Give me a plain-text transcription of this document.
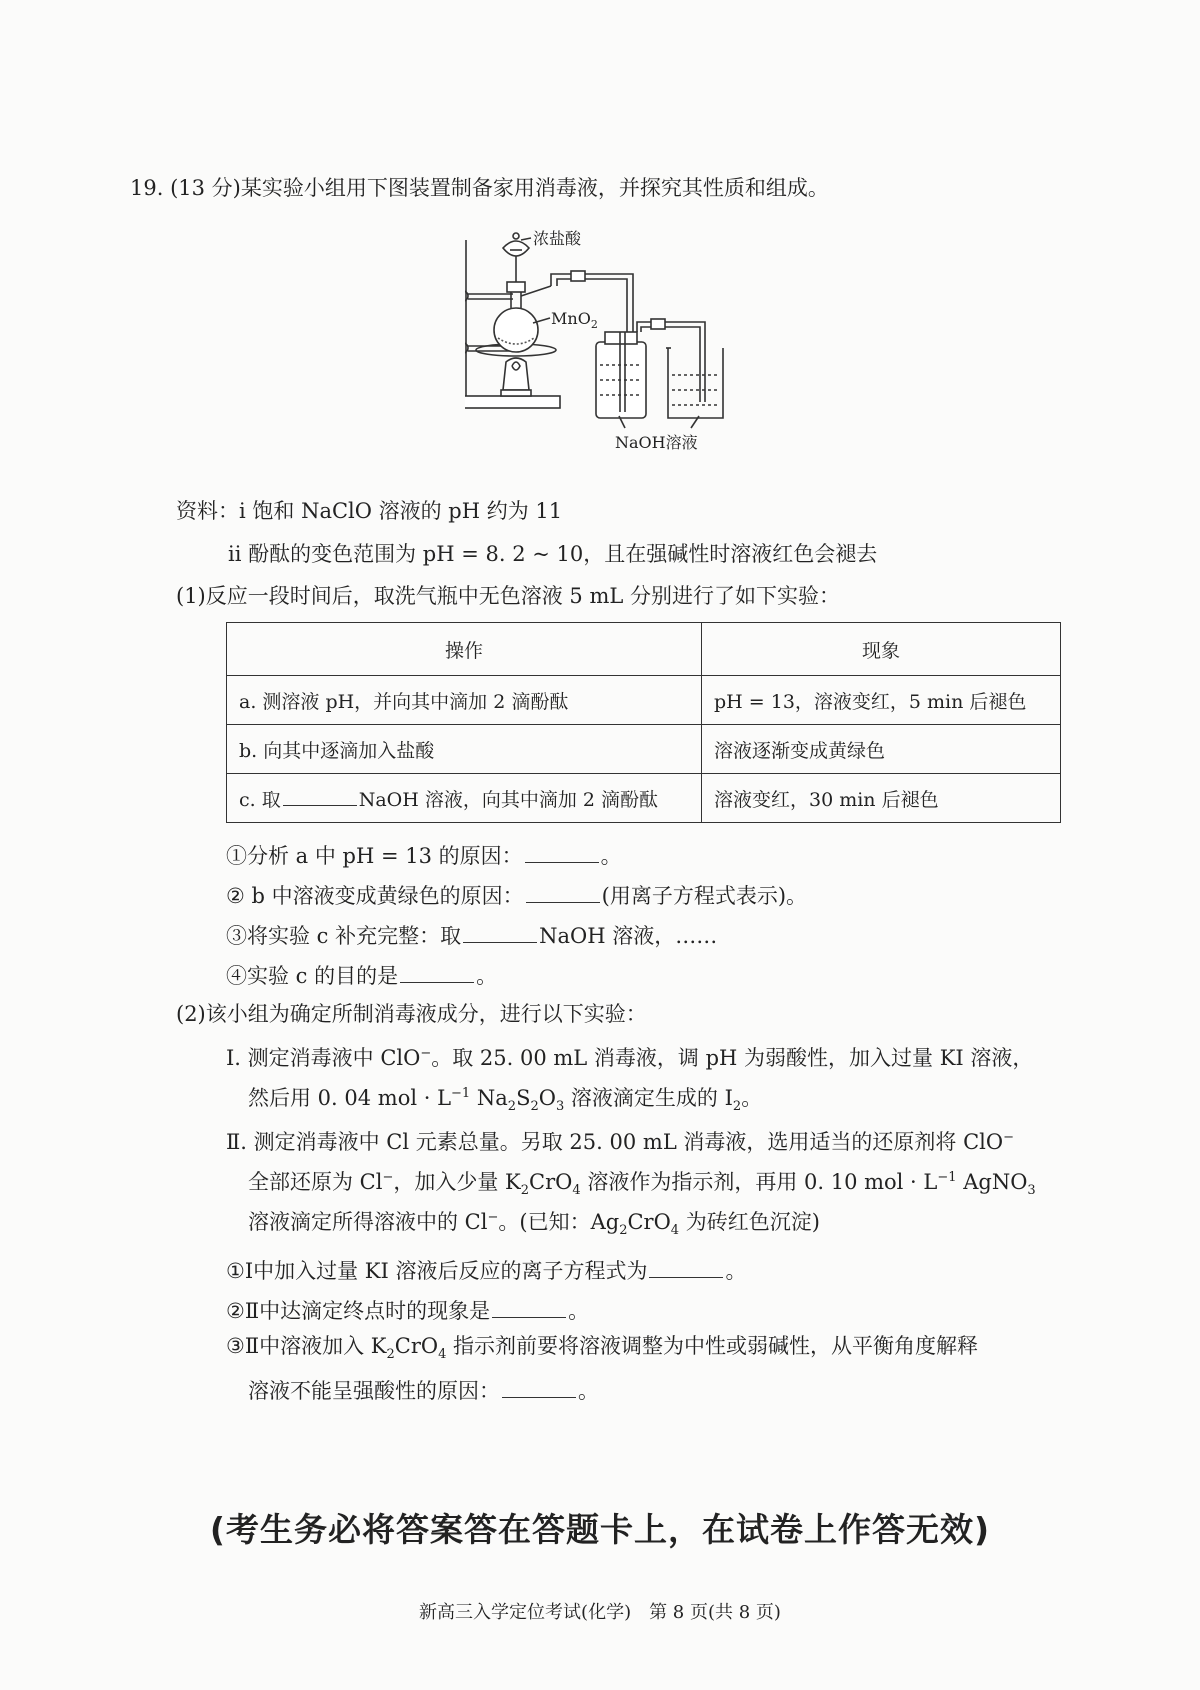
19. (13 分)某实验小组用下图装置制备家用消毒液，并探究其性质和组成。
浓盐酸
MnO$_2$
NaOH溶液
资料：i 饱和 NaClO 溶液的 pH 约为 11
ii 酚酞的变色范围为 pH = 8. 2 ~ 10，且在强碱性时溶液红色会褪去
(1)反应一段时间后，取洗气瓶中无色溶液 5 mL 分别进行了如下实验：
操作	现象
a. 测溶液 pH，并向其中滴加 2 滴酚酞	pH = 13，溶液变红，5 min 后褪色
b. 向其中逐滴加入盐酸	溶液逐渐变成黄绿色
c. 取 NaOH 溶液，向其中滴加 2 滴酚酞	溶液变红，30 min 后褪色
①分析 a 中 pH = 13 的原因：	。
② b 中溶液变成黄绿色的原因：	(用离子方程式表示)。
③将实验 c 补充完整：取	NaOH 溶液，……
④实验 c 的目的是	。
(2)该小组为确定所制消毒液成分，进行以下实验：
Ⅰ. 测定消毒液中 ClO−。取 25. 00 mL 消毒液，调 pH 为弱酸性，加入过量 KI 溶液，
然后用 0. 04 mol · $L^{-1}$ $Na_2S_2O_3$ 溶液滴定生成的 $I_2$。
Ⅱ. 测定消毒液中 Cl 元素总量。另取 25. 00 mL 消毒液，选用适当的还原剂将 ClO−
全部还原为 Cl−，加入少量 $K_2CrO_4$ 溶液作为指示剂，再用 0. 10 mol · $L^{-1}$ AgNO$_3$
溶液滴定所得溶液中的 Cl−。(已知：$Ag_2CrO_4$ 为砖红色沉淀)
①Ⅰ中加入过量 KI 溶液后反应的离子方程式为	。
②Ⅱ中达滴定终点时的现象是	。
③Ⅱ中溶液加入 $K_2CrO_4$ 指示剂前要将溶液调整为中性或弱碱性，从平衡角度解释
溶液不能呈强酸性的原因：	。
(考生务必将答案答在答题卡上，在试卷上作答无效)
新高三入学定位考试(化学)　第 8 页(共 8 页)
